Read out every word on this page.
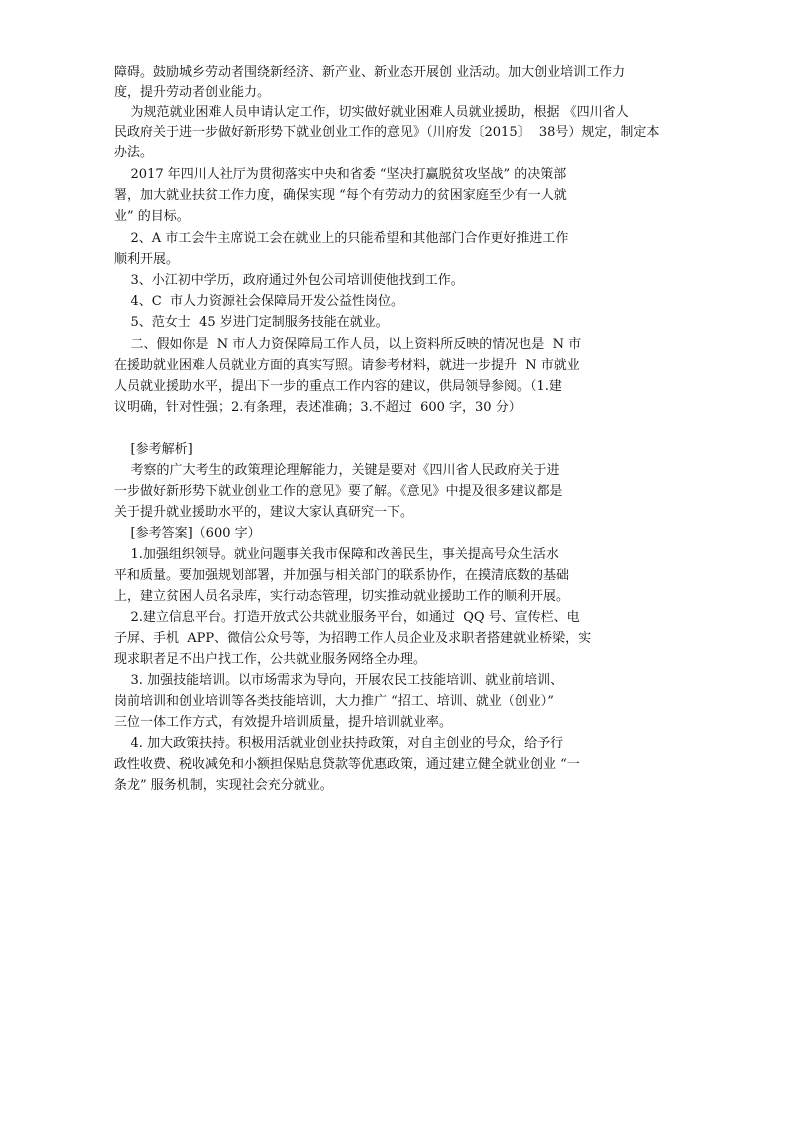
障碍。鼓励城乡劳动者围绕新经济、新产业、新业态开展创 业活动。加大创业培训工作力
度，提升劳动者创业能力。
为规范就业困难人员申请认定工作，切实做好就业困难人员就业援助，根据 《四川省人
民政府关于进一步做好新形势下就业创业工作的意见》（川府发〔2015〕  38号）规定，制定本
办法。
2017 年四川人社厅为贯彻落实中央和省委 “坚决打赢脱贫攻坚战” 的决策部
署，加大就业扶贫工作力度，确保实现 “每个有劳动力的贫困家庭至少有一人就
业” 的目标。
2、A 市工会牛主席说工会在就业上的只能希望和其他部门合作更好推进工作
顺利开展。
3、小江初中学历，政府通过外包公司培训使他找到工作。
4、C  市人力资源社会保障局开发公益性岗位。
5、范女士  45 岁进门定制服务技能在就业。
二、假如你是  N 市人力资保障局工作人员，以上资料所反映的情况也是  N 市
在援助就业困难人员就业方面的真实写照。请参考材料，就进一步提升  N 市就业
人员就业援助水平，提出下一步的重点工作内容的建议，供局领导参阅。（1.建
议明确，针对性强；2.有条理，表述准确；3.不超过  600 字，30 分）
[参考解析]
考察的广大考生的政策理论理解能力，关键是要对《四川省人民政府关于进
一步做好新形势下就业创业工作的意见》要了解。《意见》中提及很多建议都是
关于提升就业援助水平的，建议大家认真研究一下。
[参考答案]（600 字）
1.加强组织领导。就业问题事关我市保障和改善民生，事关提高号众生活水
平和质量。要加强规划部署，并加强与相关部门的联系协作，在摸清底数的基础
上，建立贫困人员名录库，实行动态管理，切实推动就业援助工作的顺利开展。
2.建立信息平台。打造开放式公共就业服务平台，如通过  QQ 号、宣传栏、电
子屏、手机  APP、微信公众号等，为招聘工作人员企业及求职者搭建就业桥梁，实
现求职者足不出户找工作，公共就业服务网络全办理。
3. 加强技能培训。以市场需求为导向，开展农民工技能培训、就业前培训、
岗前培训和创业培训等各类技能培训，大力推广 “招工、培训、就业（创业）”
三位一体工作方式，有效提升培训质量，提升培训就业率。
4. 加大政策扶持。积极用活就业创业扶持政策，对自主创业的号众，给予行
政性收费、税收减免和小额担保贴息贷款等优惠政策，通过建立健全就业创业 “一
条龙” 服务机制，实现社会充分就业。
